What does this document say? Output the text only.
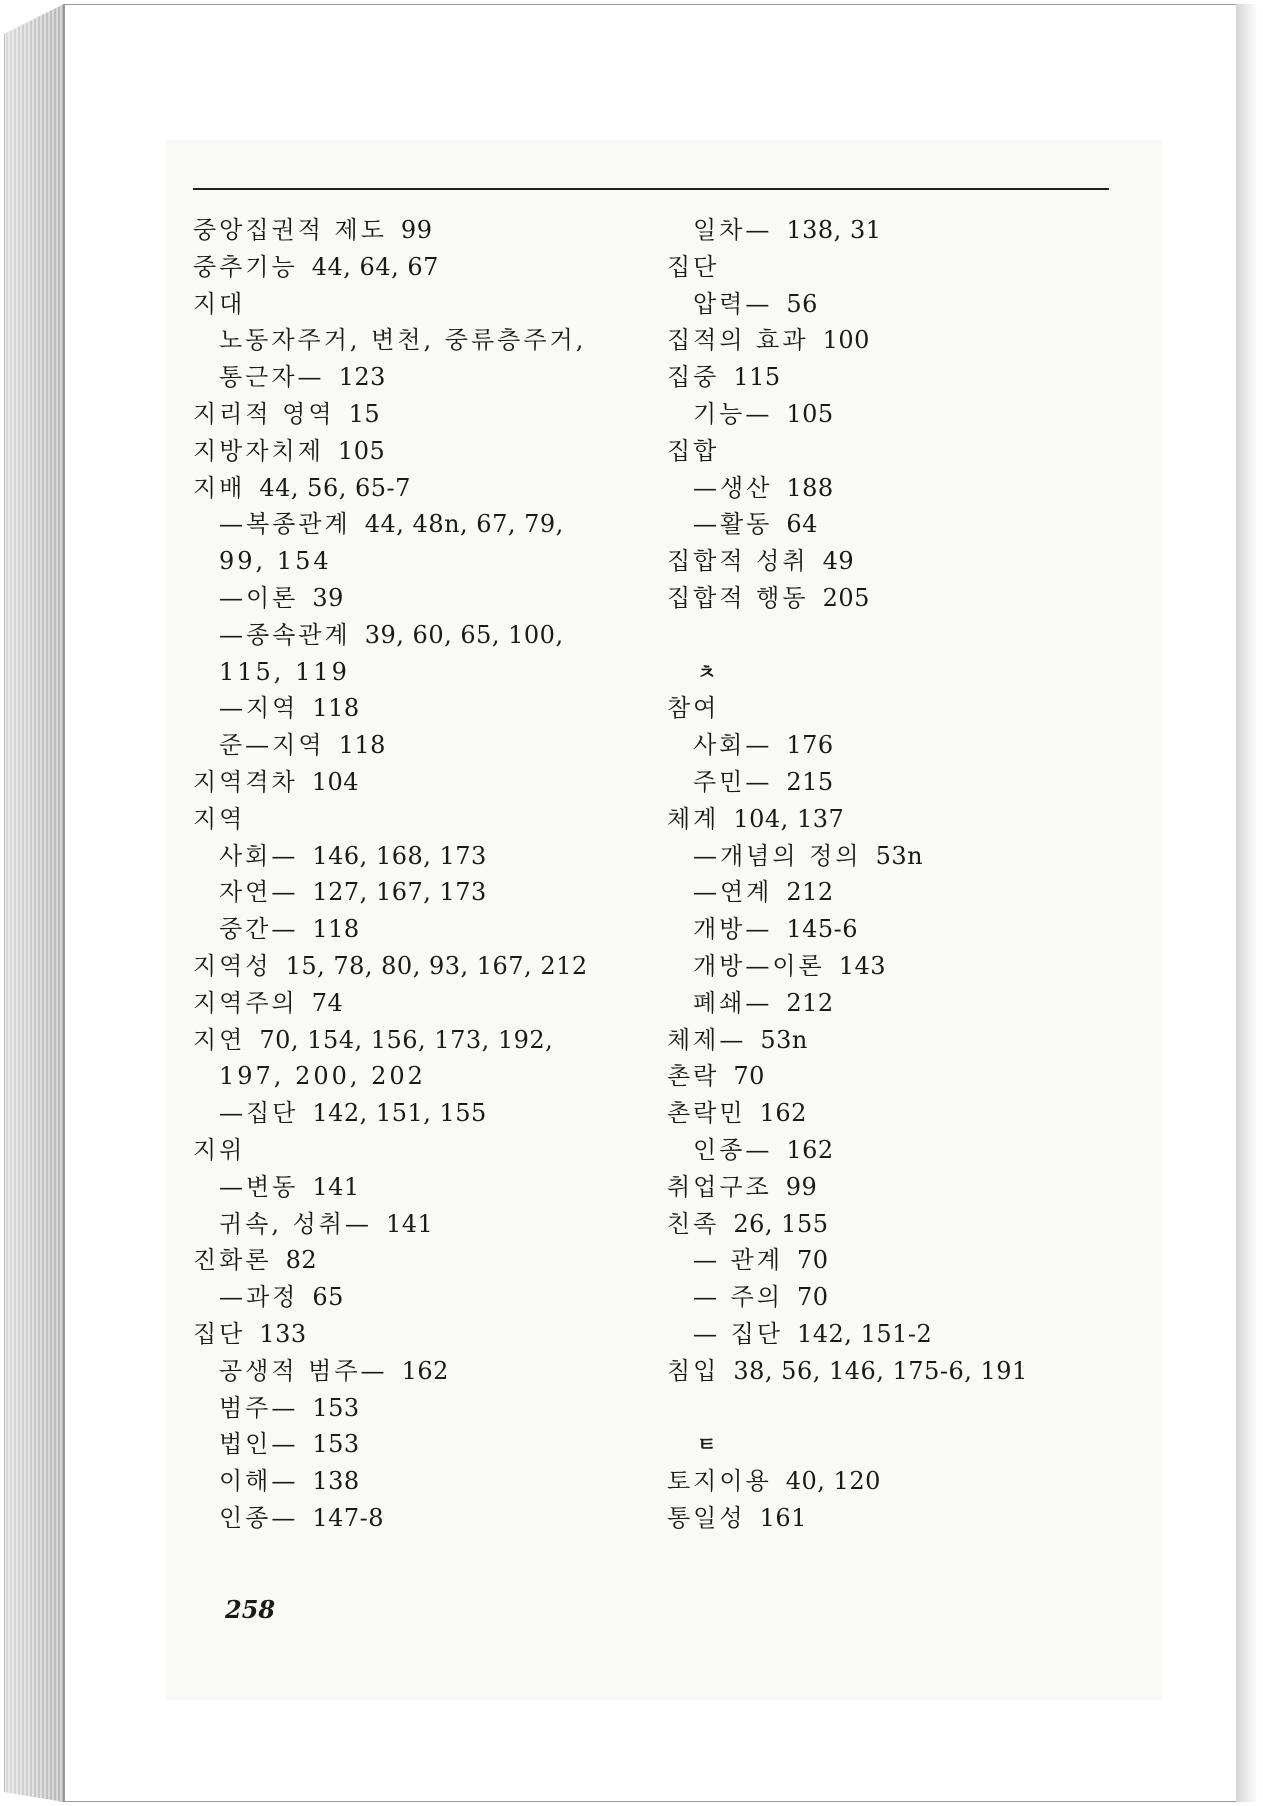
중앙집권적 제도 99
중추기능 44, 64, 67
지대
노동자주거, 변천, 중류층주거,
통근자— 123
지리적 영역 15
지방자치제 105
지배 44, 56, 65-7
—복종관계 44, 48n, 67, 79,
99, 154
—이론 39
—종속관계 39, 60, 65, 100,
115, 119
—지역 118
준—지역 118
지역격차 104
지역
사회— 146, 168, 173
자연— 127, 167, 173
중간— 118
지역성 15, 78, 80, 93, 167, 212
지역주의 74
지연 70, 154, 156, 173, 192,
197, 200, 202
—집단 142, 151, 155
지위
—변동 141
귀속, 성취— 141
진화론 82
—과정 65
집단 133
공생적 범주— 162
범주— 153
법인— 153
이해— 138
인종— 147-8
일차— 138, 31
집단
압력— 56
집적의 효과 100
집중 115
기능— 105
집합
—생산 188
—활동 64
집합적 성취 49
집합적 행동 205
ㅊ
참여
사회— 176
주민— 215
체계 104, 137
—개념의 정의 53n
—연계 212
개방— 145-6
개방—이론 143
폐쇄— 212
체제— 53n
촌락 70
촌락민 162
인종— 162
취업구조 99
친족 26, 155
— 관계 70
— 주의 70
— 집단 142, 151-2
침입 38, 56, 146, 175-6, 191
ㅌ
토지이용 40, 120
통일성 161
258
